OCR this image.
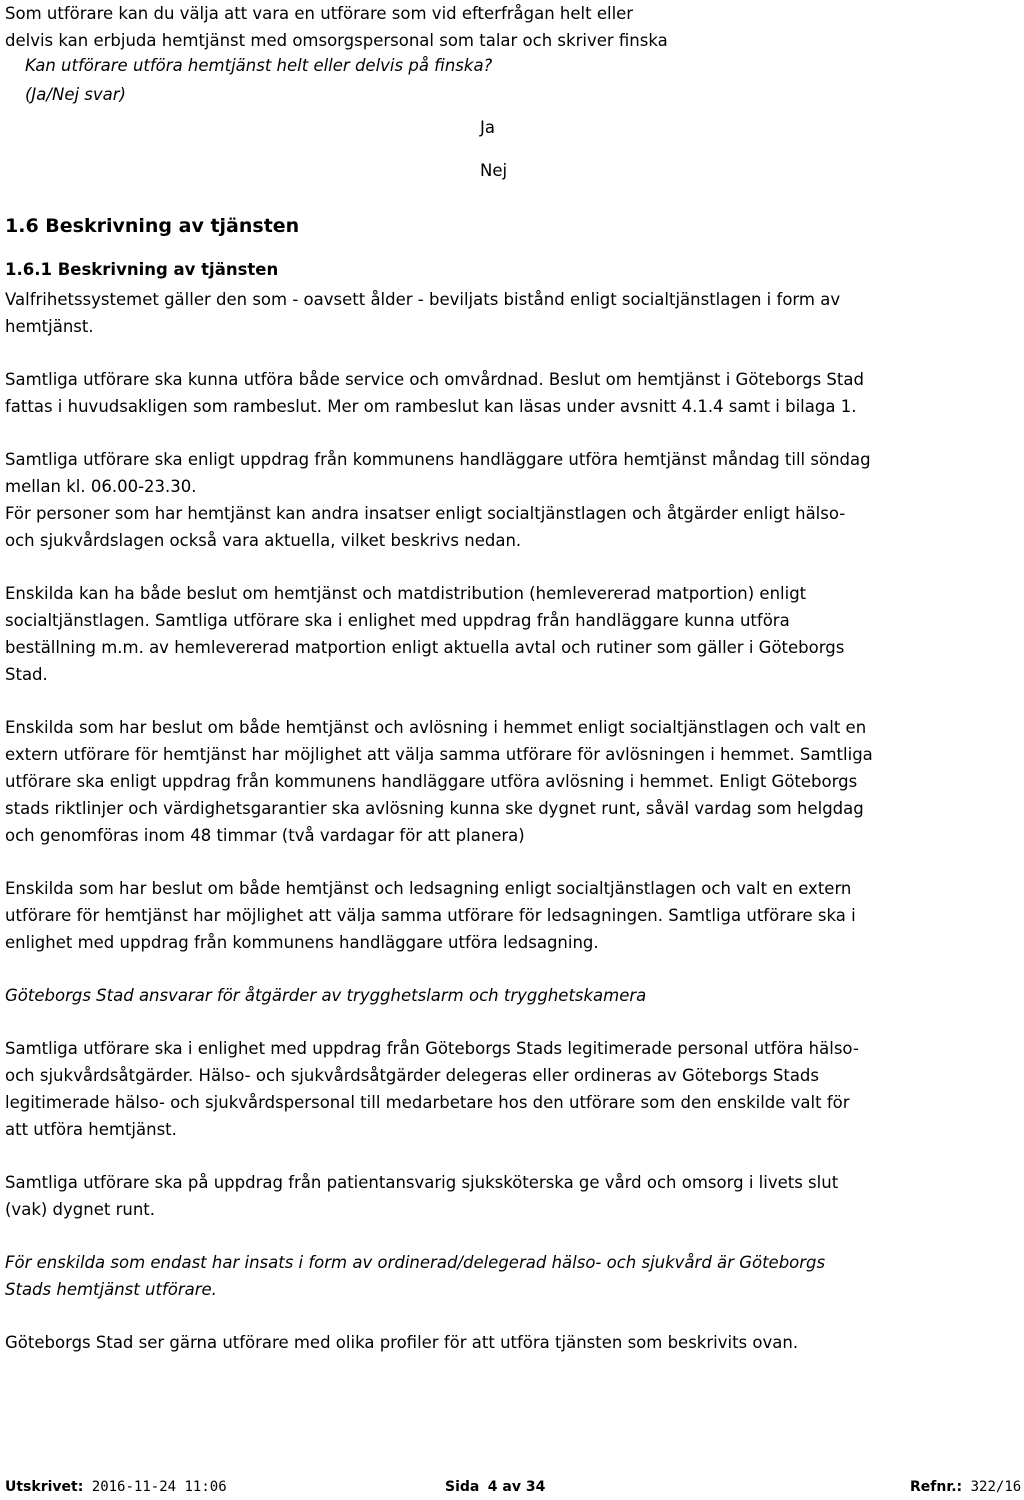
Som utförare kan du välja att vara en utförare som vid efterfrågan helt eller

delvis kan erbjuda hemtjänst med omsorgspersonal som talar och skriver finska

Kan utförare utföra hemtjänst helt eller delvis på finska?

(Ja/Nej svar)

Ja
Nej
1.6 Beskrivning av tjänsten
1.6.1 Beskrivning av tjänsten

Valfrihetssystemet gäller den som - oavsett ålder - beviljats bistånd enligt socialtjänstlagen i form av hemtjänst.

Samtliga utförare ska kunna utföra både service och omvårdnad. Beslut om hemtjänst i Göteborgs Stad fattas i huvudsakligen som rambeslut. Mer om rambeslut kan läsas under avsnitt 4.1.4 samt i bilaga 1.

Samtliga utförare ska enligt uppdrag från kommunens handläggare utföra hemtjänst måndag till söndag mellan kl. 06.00-23.30.

För personer som har hemtjänst kan andra insatser enligt socialtjänstlagen och åtgärder enligt hälso- och sjukvårdslagen också vara aktuella, vilket beskrivs nedan.

Enskilda kan ha både beslut om hemtjänst och matdistribution (hemlevererad matportion) enligt socialtjänstlagen. Samtliga utförare ska i enlighet med uppdrag från handläggare kunna utföra beställning m.m. av hemlevererad matportion enligt aktuella avtal och rutiner som gäller i Göteborgs Stad.

Enskilda som har beslut om både hemtjänst och avlösning i hemmet enligt socialtjänstlagen och valt en extern utförare för hemtjänst har möjlighet att välja samma utförare för avlösningen i hemmet. Samtliga utförare ska enligt uppdrag från kommunens handläggare utföra avlösning i hemmet. Enligt Göteborgs stads riktlinjer och värdighetsgarantier ska avlösning kunna ske dygnet runt, såväl vardag som helgdag och genomföras inom 48 timmar (två vardagar för att planera)

Enskilda som har beslut om både hemtjänst och ledsagning enligt socialtjänstlagen och valt en extern utförare för hemtjänst har möjlighet att välja samma utförare för ledsagningen. Samtliga utförare ska i enlighet med uppdrag från kommunens handläggare utföra ledsagning.

Göteborgs Stad ansvarar för åtgärder av trygghetslarm och trygghetskamera

Samtliga utförare ska i enlighet med uppdrag från Göteborgs Stads legitimerade personal utföra hälso- och sjukvårdsåtgärder. Hälso- och sjukvårdsåtgärder delegeras eller ordineras av Göteborgs Stads legitimerade hälso- och sjukvårdspersonal till medarbetare hos den utförare som den enskilde valt för att utföra hemtjänst.

Samtliga utförare ska på uppdrag från patientansvarig sjuksköterska ge vård och omsorg i livets slut (vak) dygnet runt.

För enskilda som endast har insats i form av ordinerad/delegerad hälso- och sjukvård är Göteborgs Stads hemtjänst utförare.

Göteborgs Stad ser gärna utförare med olika profiler för att utföra tjänsten som beskrivits ovan.

Utskrivet: 2016-11-24 11:06	Sida 4 av 34	Refnr.: 322/16
